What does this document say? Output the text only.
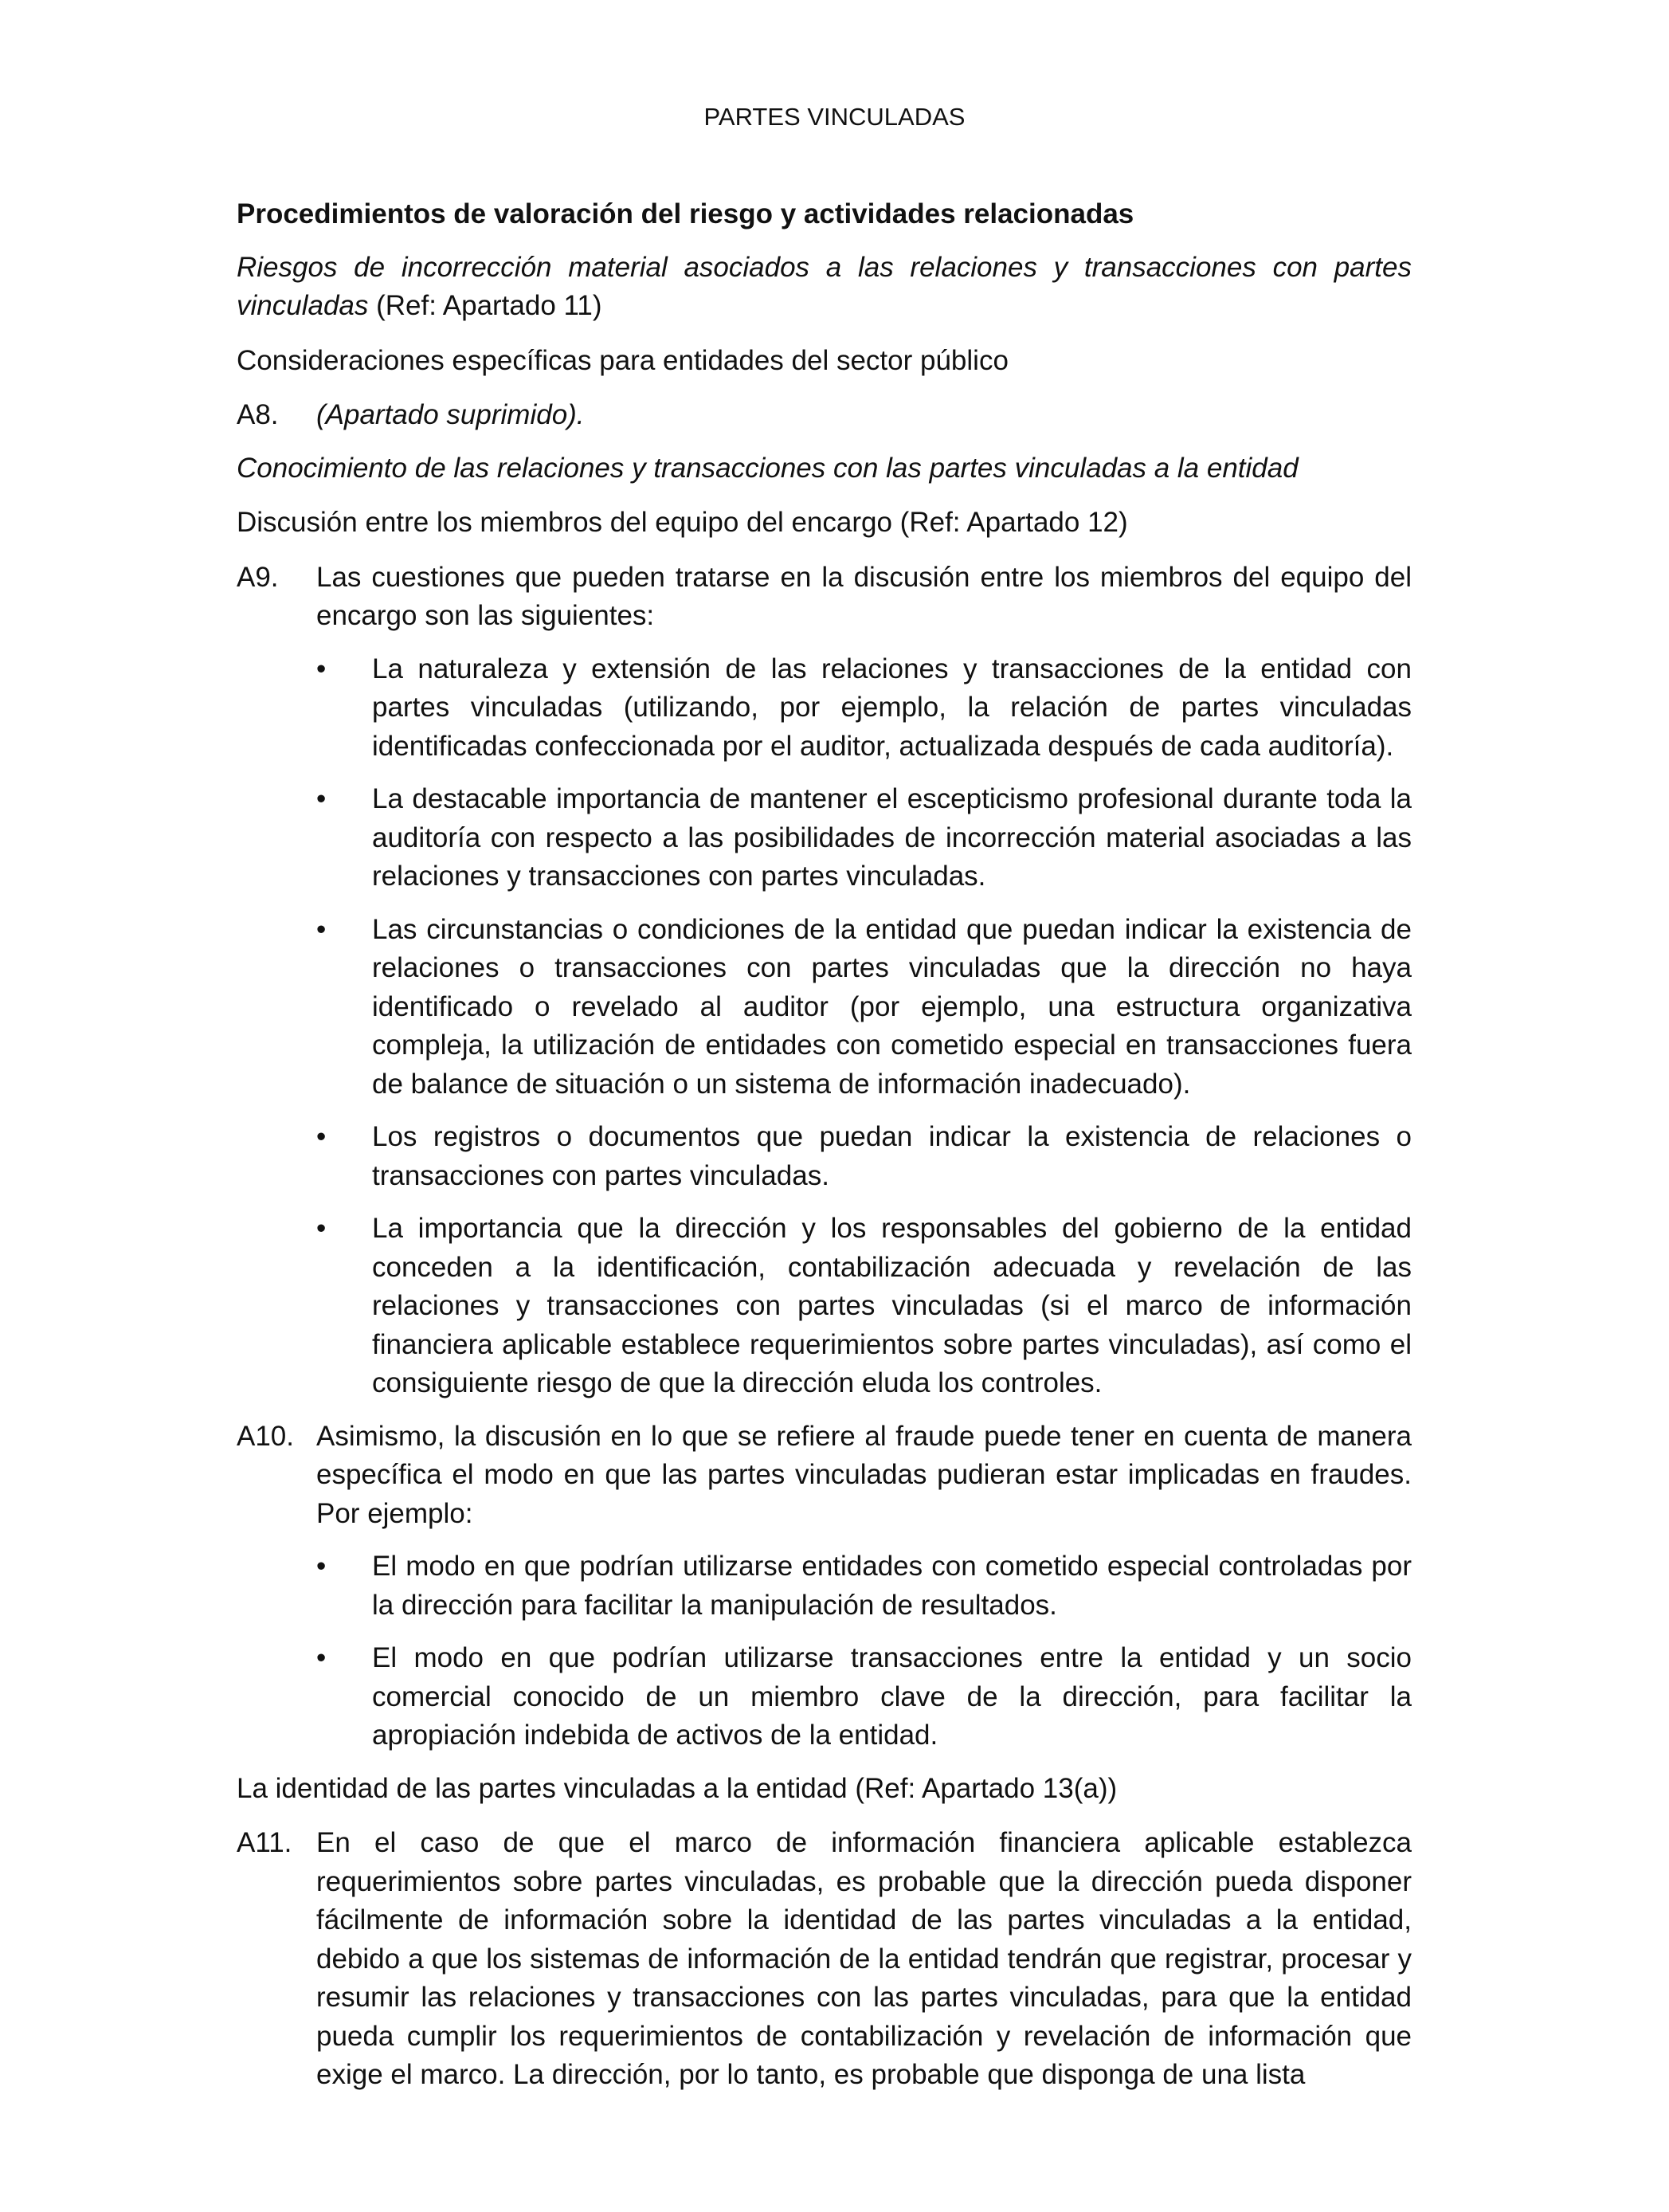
PARTES VINCULADAS

Procedimientos de valoración del riesgo y actividades relacionadas

Riesgos de incorrección material asociados a las relaciones y transacciones con partes vinculadas (Ref: Apartado 11)

Consideraciones específicas para entidades del sector público

A8. (Apartado suprimido).

Conocimiento de las relaciones y transacciones con las partes vinculadas a la entidad

Discusión entre los miembros del equipo del encargo (Ref: Apartado 12)

A9. Las cuestiones que pueden tratarse en la discusión entre los miembros del equipo del encargo son las siguientes:
• La naturaleza y extensión de las relaciones y transacciones de la entidad con partes vinculadas (utilizando, por ejemplo, la relación de partes vinculadas identificadas confeccionada por el auditor, actualizada después de cada auditoría).
• La destacable importancia de mantener el escepticismo profesional durante toda la auditoría con respecto a las posibilidades de incorrección material asociadas a las relaciones y transacciones con partes vinculadas.
• Las circunstancias o condiciones de la entidad que puedan indicar la existencia de relaciones o transacciones con partes vinculadas que la dirección no haya identificado o revelado al auditor (por ejemplo, una estructura organizativa compleja, la utilización de entidades con cometido especial en transacciones fuera de balance de situación o un sistema de información inadecuado).
• Los registros o documentos que puedan indicar la existencia de relaciones o transacciones con partes vinculadas.
• La importancia que la dirección y los responsables del gobierno de la entidad conceden a la identificación, contabilización adecuada y revelación de las relaciones y transacciones con partes vinculadas (si el marco de información financiera aplicable establece requerimientos sobre partes vinculadas), así como el consiguiente riesgo de que la dirección eluda los controles.
A10. Asimismo, la discusión en lo que se refiere al fraude puede tener en cuenta de manera específica el modo en que las partes vinculadas pudieran estar implicadas en fraudes. Por ejemplo:
• El modo en que podrían utilizarse entidades con cometido especial controladas por la dirección para facilitar la manipulación de resultados.
• El modo en que podrían utilizarse transacciones entre la entidad y un socio comercial conocido de un miembro clave de la dirección, para facilitar la apropiación indebida de activos de la entidad.

La identidad de las partes vinculadas a la entidad (Ref: Apartado 13(a))

A11. En el caso de que el marco de información financiera aplicable establezca requerimientos sobre partes vinculadas, es probable que la dirección pueda disponer fácilmente de información sobre la identidad de las partes vinculadas a la entidad, debido a que los sistemas de información de la entidad tendrán que registrar, procesar y resumir las relaciones y transacciones con las partes vinculadas, para que la entidad pueda cumplir los requerimientos de contabilización y revelación de información que exige el marco. La dirección, por lo tanto, es probable que disponga de una lista
